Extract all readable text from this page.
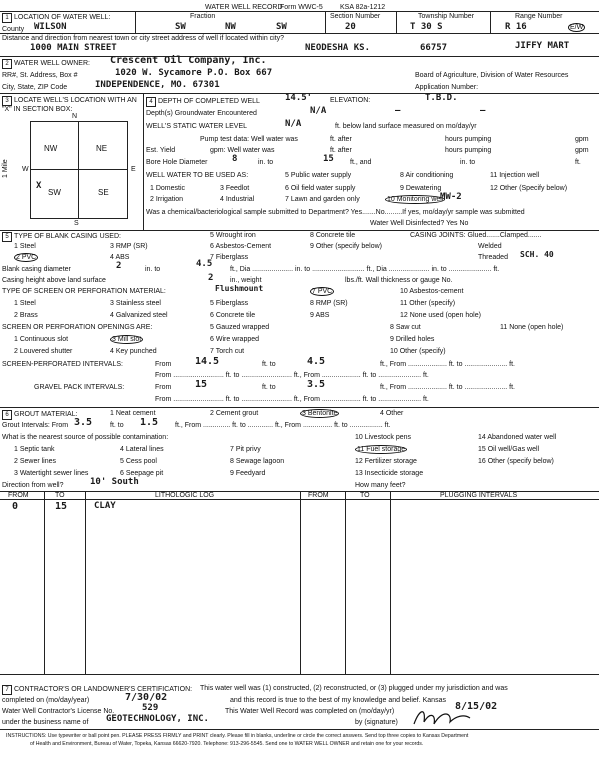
WATER WELL RECORD
Form WWC-5 KSA 82a-1212
1 LOCATION OF WATER WELL:
County WILSON
Fraction
SW	NW	SW
Section Number
20
Township Number
T 30 S
Range Number
R 16	E/W
Distance and direction from nearest town or city street address of well if located within city?
1000 MAIN STREET	NEODESHA KS.	66757	JIFFY MART
2 WATER WELL OWNER: Crescent Oil Company, Inc.
RR#, St. Address, Box #	1020 W. Sycamore P.O. Box 667
City, State, ZIP Code	INDEPENDENCE, MO. 67301
Board of Agriculture, Division of Water Resources
Application Number:
3 LOCATE WELL'S LOCATION WITH AN "X" IN SECTION BOX:
N
NW	NE
SW	SE
X
W	E
S
1 Mile
4 DEPTH OF COMPLETED WELL	14.5'	ELEVATION:	T.B.D.
Depth(s) Groundwater Encountered	N/A	—	—
WELL'S STATIC WATER LEVEL	N/A	ft. below land surface measured on mo/day/yr
Pump test data: Well water was	ft. after	hours pumping	gpm
Est. Yield	gpm: Well water was	ft. after	hours pumping	gpm
Bore Hole Diameter	8	in. to	15 ft., and	in. to	ft.
WELL WATER TO BE USED AS:
1 Domestic	3 Feedlot
5 Public water supply	8 Air conditioning	11 Injection well
2 Irrigation	4 Industrial	7 Lawn and garden only	10 Monitoring well
MW-2
12 Other (Specify below)
6 Oil field water supply	9 Dewatering
Was a chemical/bacteriological sample submitted to Department? Yes.......No.........If yes, mo/day/yr sample was submitted
Water Well Disinfected? Yes No
5 TYPE OF BLANK CASING USED:
1 Steel	3 RMP (SR)
5 Wrought iron	8 Concrete tile
2 PVC	4 ABS
6 Asbestos-Cement	9 Other (specify below)
7 Fiberglass
CASING JOINTS: Glued.......Clamped.......
Welded
Threaded SCH. 40
Blank casing diameter	2	in. to
4.5
ft., Dia ..................... in. to ........................... ft., Dia ..................... in. to ...................... ft.
Casing height above land surface	2 in., weight	lbs./ft. Wall thickness or gauge No.
TYPE OF SCREEN OR PERFORATION MATERIAL:	Flushmount
1 Steel	3 Stainless steel	5 Fiberglass
7 PVC	10 Asbestos-cement
2 Brass	4 Galvanized steel	6 Concrete tile
8 RMP (SR)	11 Other (specify)
9 ABS	12 None used (open hole)
SCREEN OR PERFORATION OPENINGS ARE:	5 Gauzed wrapped	8 Saw cut	11 None (open hole)
1 Continuous slot	3 Mill slot	6 Wire wrapped	9 Drilled holes
2 Louvered shutter	4 Key punched	7 Torch cut	10 Other (specify)
SCREEN-PERFORATED INTERVALS:	From 14.5	ft. to	4.5	ft., From .................... ft. to ...................... ft.
From .......................... ft. to .......................... ft., From .................... ft. to ...................... ft.
GRAVEL PACK INTERVALS:	From 15	ft. to	3.5	ft., From .................... ft. to ...................... ft.
From .......................... ft. to .......................... ft., From .................... ft. to ...................... ft.
6 GROUT MATERIAL:	1 Neat cement	2 Cement grout	3 Bentonite	4 Other
Grout Intervals: From 3.5	ft. to 1.5 ft., From .............. ft. to ............. ft., From ............... ft. to ................. ft.
What is the nearest source of possible contamination:
1 Septic tank	4 Lateral lines	7 Pit privy
10 Livestock pens	14 Abandoned water well
2 Sewer lines	5 Cess pool	8 Sewage lagoon
11 Fuel storage	15 Oil well/Gas well
3 Watertight sewer lines	6 Seepage pit	9 Feedyard
12 Fertilizer storage	16 Other (specify below)
13 Insecticide storage
Direction from well?	10' South	How many feet?
FROM	TO	LITHOLOGIC LOG	FROM	TO	PLUGGING INTERVALS
0	15	CLAY
7 CONTRACTOR'S OR LANDOWNER'S CERTIFICATION: This water well was (1) constructed, (2) reconstructed, or (3) plugged under my jurisdiction and was
completed on (mo/day/year)	7/30/02	and this record is true to the best of my knowledge and belief. Kansas
Water Well Contractor's License No.	529	This Water Well Record was completed on (mo/day/yr)	8/15/02
under the business name of GEOTECHNOLOGY, INC.	by (signature)
INSTRUCTIONS: Use typewriter or ball point pen. PLEASE PRESS FIRMLY and PRINT clearly. Please fill in blanks, underline or circle the correct answers. Send top three copies to Kansas Department
of Health and Environment, Bureau of Water, Topeka, Kansas 66620-7920. Telephone: 913-296-5545. Send one to WATER WELL OWNER and retain one for your records.
